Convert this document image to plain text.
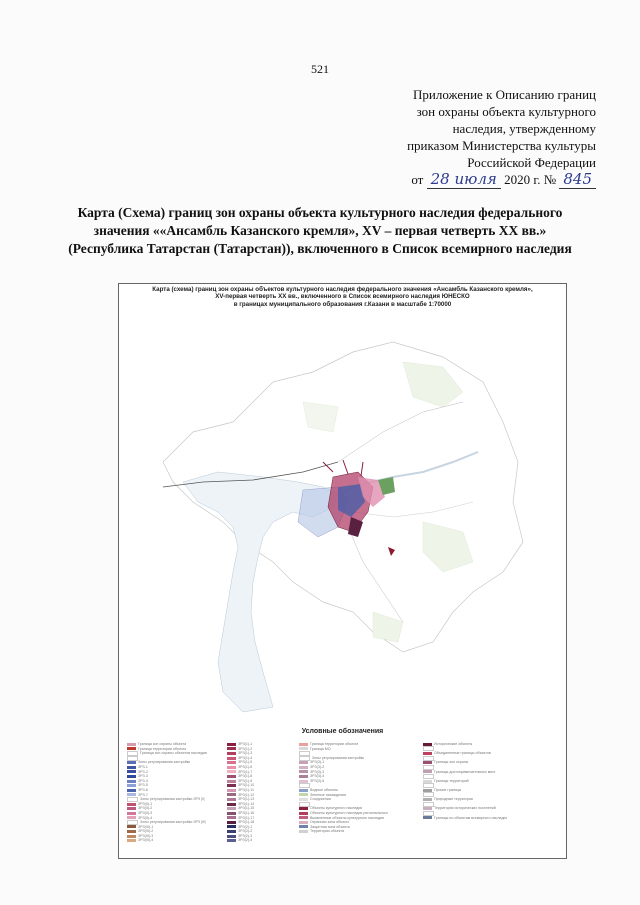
521
Приложение к Описанию границ
зон охраны объекта культурного
наследия, утвержденному
приказом Министерства культуры
Российской Федерации
от 28 июля 2020 г. № 845
Карта (Схема) границ зон охраны объекта культурного наследия федерального значения ««Ансамбль Казанского кремля», XV – первая четверть XX вв.» (Республика Татарстан (Татарстан)), включенного в Список всемирного наследия
Карта (схема) границ зон охраны объектов культурного наследия федерального значения «Ансамбль Казанского кремля»,
XV-первая четверть XX вв., включенного в Список всемирного наследия ЮНЕСКО
в границах муниципального образования г.Казани в масштабе 1:70000
Условные обозначения
Граница зон охраны объекта
Граница территории объекта
Граница зон охраны объектов наследия
Зоны регулирования застройки
ЗРЗ-1
ЗРЗ-2
ЗРЗ-3
ЗРЗ-4
ЗРЗ-5
ЗРЗ-6
ЗРЗ-7
Зоны регулирования застройки ЗРЗ (II)
ЗРЗ(II)-1
ЗРЗ(II)-2
ЗРЗ(II)-3
ЗРЗ(II)-4
Зоны регулирования застройки ЗРЗ (III)
ЗРЗ(III)-1
ЗРЗ(III)-2
ЗРЗ(III)-3
ЗРЗ(III)-4
ЗРЗ(1)-1
ЗРЗ(1)-2
ЗРЗ(1)-3
ЗРЗ(1)-4
ЗРЗ(1)-5
ЗРЗ(1)-6
ЗРЗ(1)-7
ЗРЗ(1)-8
ЗРЗ(1)-9
ЗРЗ(1)-10
ЗРЗ(1)-11
ЗРЗ(1)-12
ЗРЗ(1)-13
ЗРЗ(1)-14
ЗРЗ(1)-15
ЗРЗ(1)-16
ЗРЗ(1)-17
ЗРЗ(1)-18
ЗРЗ(2)-1
ЗРЗ(2)-2
ЗРЗ(2)-3
ЗРЗ(2)-4
Граница территории объекта
Граница МО
Зоны регулирования застройки
ЗРЗ(3)-1
ЗРЗ(3)-2
ЗРЗ(3)-3
ЗРЗ(3)-4
ЗРЗ(3)-5
Водные объекты
Зеленые насаждения
Сооружения
Объекты культурного наследия
Объекты культурного наследия регионального
Выявленные объекты культурного наследия
Охранная зона объекта
Защитная зона объекта
Территории объекта
Исторические объекты
Объединенные границы объектов
Границы зон охраны
Границы достопримечательных мест
Границы территорий
Прочие границы
Природные территории
Территории исторических поселений
Границы по объектам всемирного наследия
